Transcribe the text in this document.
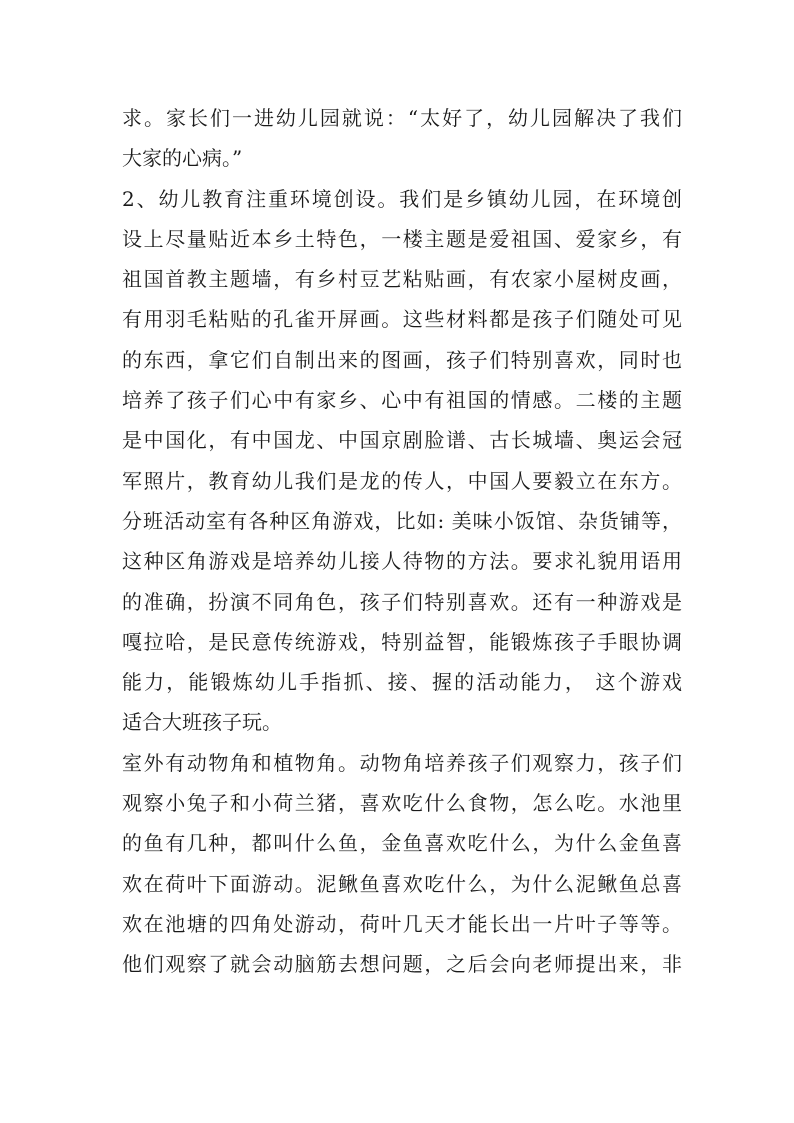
求。家长们一进幼儿园就说：“太好了，幼儿园解决了我们
大家的心病。”
2、幼儿教育注重环境创设。我们是乡镇幼儿园，在环境创
设上尽量贴近本乡土特色，一楼主题是爱祖国、爱家乡，有
祖国首教主题墙，有乡村豆艺粘贴画，有农家小屋树皮画，
有用羽毛粘贴的孔雀开屏画。这些材料都是孩子们随处可见
的东西，拿它们自制出来的图画，孩子们特别喜欢，同时也
培养了孩子们心中有家乡、心中有祖国的情感。二楼的主题
是中国化，有中国龙、中国京剧脸谱、古长城墙、奥运会冠
军照片，教育幼儿我们是龙的传人，中国人要毅立在东方。
分班活动室有各种区角游戏，比如: 美味小饭馆、杂货铺等，
这种区角游戏是培养幼儿接人待物的方法。要求礼貌用语用
的准确，扮演不同角色，孩子们特别喜欢。还有一种游戏是
嘎拉哈，是民意传统游戏，特别益智，能锻炼孩子手眼协调
能力，能锻炼幼儿手指抓、接、握的活动能力， 这个游戏
适合大班孩子玩。
室外有动物角和植物角。动物角培养孩子们观察力，孩子们
观察小兔子和小荷兰猪，喜欢吃什么食物，怎么吃。水池里
的鱼有几种，都叫什么鱼，金鱼喜欢吃什么，为什么金鱼喜
欢在荷叶下面游动。泥鳅鱼喜欢吃什么，为什么泥鳅鱼总喜
欢在池塘的四角处游动，荷叶几天才能长出一片叶子等等。
他们观察了就会动脑筋去想问题，之后会向老师提出来，非
